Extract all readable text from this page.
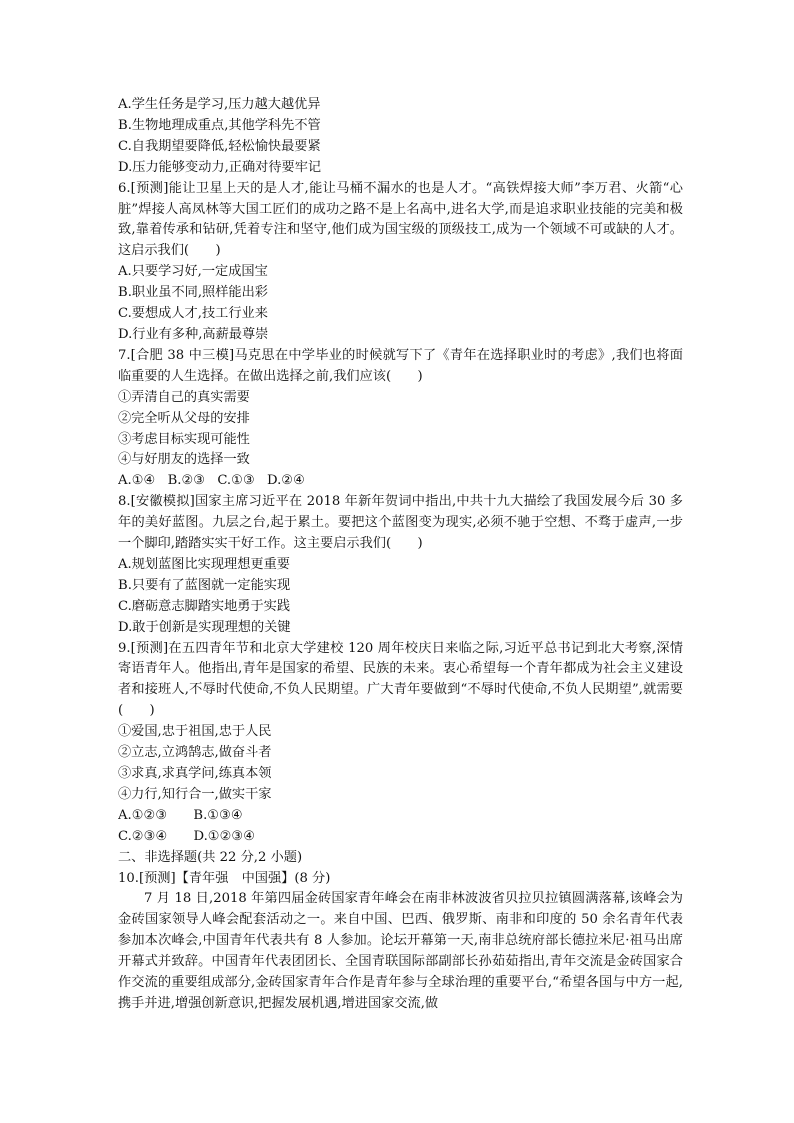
A.学生任务是学习,压力越大越优异
B.生物地理成重点,其他学科先不管
C.自我期望要降低,轻松愉快最要紧
D.压力能够变动力,正确对待要牢记
6.[预测]能让卫星上天的是人才,能让马桶不漏水的也是人才。“高铁焊接大师”李万君、火箭“心脏”焊接人高凤林等大国工匠们的成功之路不是上名高中,进名大学,而是追求职业技能的完美和极致,靠着传承和钻研,凭着专注和坚守,他们成为国宝级的顶级技工,成为一个领域不可或缺的人才。这启示我们(　　)
A.只要学习好,一定成国宝
B.职业虽不同,照样能出彩
C.要想成人才,技工行业来
D.行业有多种,高薪最尊崇
7.[合肥 38 中三模]马克思在中学毕业的时候就写下了《青年在选择职业时的考虑》,我们也将面临重要的人生选择。在做出选择之前,我们应该(　　)
①弄清自己的真实需要
②完全听从父母的安排
③考虑目标实现可能性
④与好朋友的选择一致
A.①④ B.②③ C.①③ D.②④
8.[安徽模拟]国家主席习近平在 2018 年新年贺词中指出,中共十九大描绘了我国发展今后 30 多年的美好蓝图。九层之台,起于累土。要把这个蓝图变为现实,必须不驰于空想、不骛于虚声,一步一个脚印,踏踏实实干好工作。这主要启示我们(　　)
A.规划蓝图比实现理想更重要
B.只要有了蓝图就一定能实现
C.磨砺意志脚踏实地勇于实践
D.敢于创新是实现理想的关键
9.[预测]在五四青年节和北京大学建校 120 周年校庆日来临之际,习近平总书记到北大考察,深情寄语青年人。他指出,青年是国家的希望、民族的未来。衷心希望每一个青年都成为社会主义建设者和接班人,不辱时代使命,不负人民期望。广大青年要做到“不辱时代使命,不负人民期望”,就需要(　　)
①爱国,忠于祖国,忠于人民
②立志,立鸿鹄志,做奋斗者
③求真,求真学问,练真本领
④力行,知行合一,做实干家
A.①②③ B.①③④
C.②③④ D.①②③④
二、非选择题(共 22 分,2 小题)
10.[预测]【青年强　中国强】(8 分)
7 月 18 日,2018 年第四届金砖国家青年峰会在南非林波波省贝拉贝拉镇圆满落幕,该峰会为金砖国家领导人峰会配套活动之一。来自中国、巴西、俄罗斯、南非和印度的 50 余名青年代表参加本次峰会,中国青年代表共有 8 人参加。论坛开幕第一天,南非总统府部长德拉米尼·祖马出席开幕式并致辞。中国青年代表团团长、全国青联国际部副部长孙茹茹指出,青年交流是金砖国家合作交流的重要组成部分,金砖国家青年合作是青年参与全球治理的重要平台,“希望各国与中方一起,携手并进,增强创新意识,把握发展机遇,增进国家交流,做
